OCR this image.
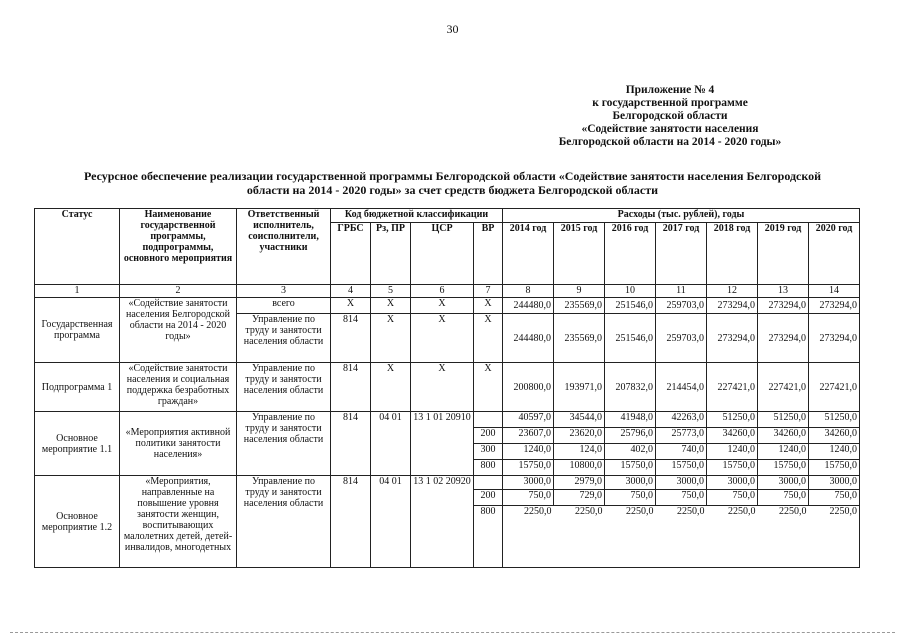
30
Приложение № 4
к государственной программе
Белгородской области
«Содействие занятости населения
Белгородской области на 2014 - 2020 годы»
Ресурсное обеспечение реализации государственной программы Белгородской области «Содействие занятости населения Белгородской
области на 2014 - 2020 годы» за счет средств бюджета Белгородской области
Статус	Наименование государственной программы, подпрограммы, основного мероприятия	Ответственный исполнитель, соисполнители, участники	Код бюджетной классификации				Расходы (тыс. рублей), годы						
			ГРБС	Рз, ПР	ЦСР	ВР	2014 год	2015 год	2016 год	2017 год	2018 год	2019 год	2020 год
1	2	3	4	5	6	7	8	9	10	11	12	13	14
Государственная программа	«Содействие занятости населения Белгородской области на 2014 - 2020 годы»	всего	Х	Х	Х	Х	244480,0	235569,0	251546,0	259703,0	273294,0	273294,0	273294,0
		Управление по труду и занятости населения области	814	Х	Х	Х	244480,0	235569,0	251546,0	259703,0	273294,0	273294,0	273294,0
Подпрограмма 1	«Содействие занятости населения и социальная поддержка безработных граждан»	Управление по труду и занятости населения области	814	Х	Х	Х	200800,0	193971,0	207832,0	214454,0	227421,0	227421,0	227421,0
Основное мероприятие 1.1	«Мероприятия активной политики занятости населения»	Управление по труду и занятости населения области	814	04 01	13 1 01 20910		40597,0	34544,0	41948,0	42263,0	51250,0	51250,0	51250,0
						200	23607,0	23620,0	25796,0	25773,0	34260,0	34260,0	34260,0
						300	1240,0	124,0	402,0	740,0	1240,0	1240,0	1240,0
						800	15750,0	10800,0	15750,0	15750,0	15750,0	15750,0	15750,0
Основное мероприятие 1.2	«Мероприятия, направленные на повышение уровня занятости женщин, воспитывающих малолетних детей, детей-инвалидов, многодетных	Управление по труду и занятости населения области	814	04 01	13 1 02 20920		3000,0	2979,0	3000,0	3000,0	3000,0	3000,0	3000,0
						200	750,0	729,0	750,0	750,0	750,0	750,0	750,0
						800	2250,0	2250,0	2250,0	2250,0	2250,0	2250,0	2250,0
